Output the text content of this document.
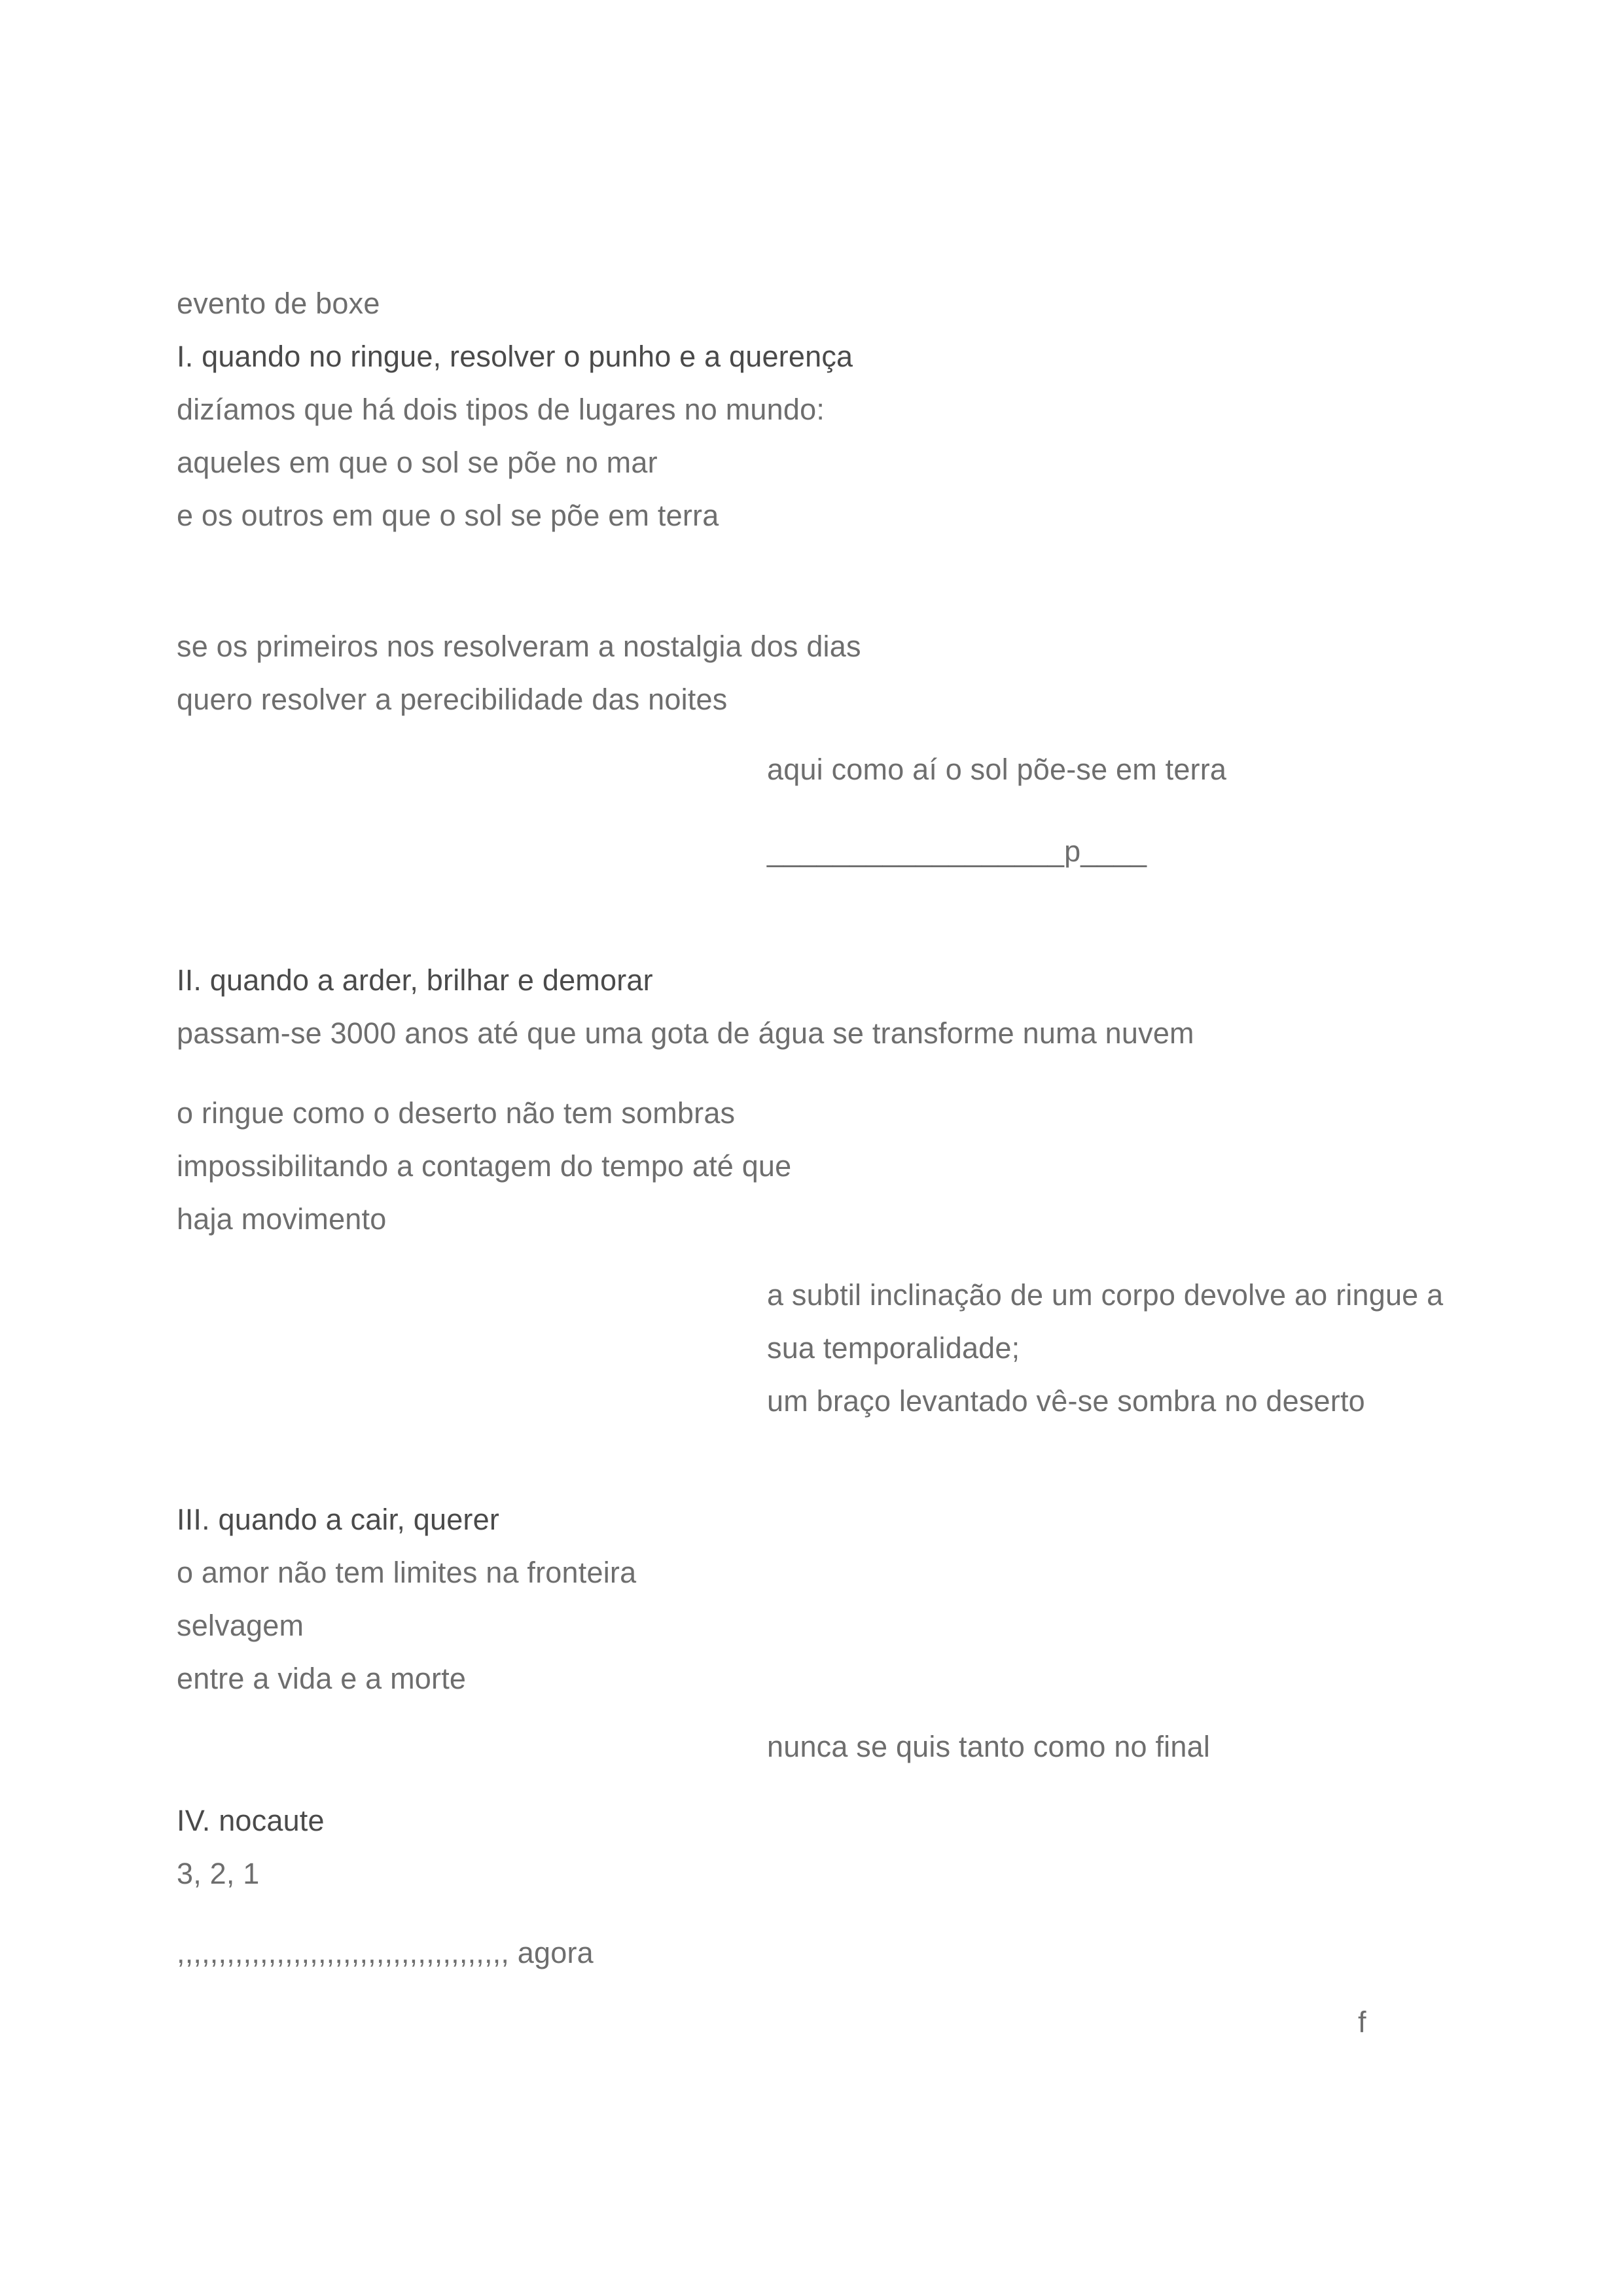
evento de boxe
I. quando no ringue, resolver o punho e a querença
dizíamos que há dois tipos de lugares no mundo:
aqueles em que o sol se põe no mar
e os outros em que o sol se põe em terra
se os primeiros nos resolveram a nostalgia dos dias
quero resolver a perecibilidade das noites
aqui como aí o sol põe-se em terra
__________________p____
II. quando a arder, brilhar e demorar
passam-se 3000 anos até que uma gota de água se transforme numa nuvem
o ringue como o deserto não tem sombras
impossibilitando a contagem do tempo até que
haja movimento
a subtil inclinação de um corpo devolve ao ringue a
sua temporalidade;
um braço levantado vê-se sombra no deserto
III. quando a cair, querer
o amor não tem limites na fronteira
selvagem
entre a vida e a morte
nunca se quis tanto como no final
IV. nocaute
3, 2, 1
,,,,,,,,,,,,,,,,,,,,,,,,,,,,,,,,,,,,,,,, agora
f
